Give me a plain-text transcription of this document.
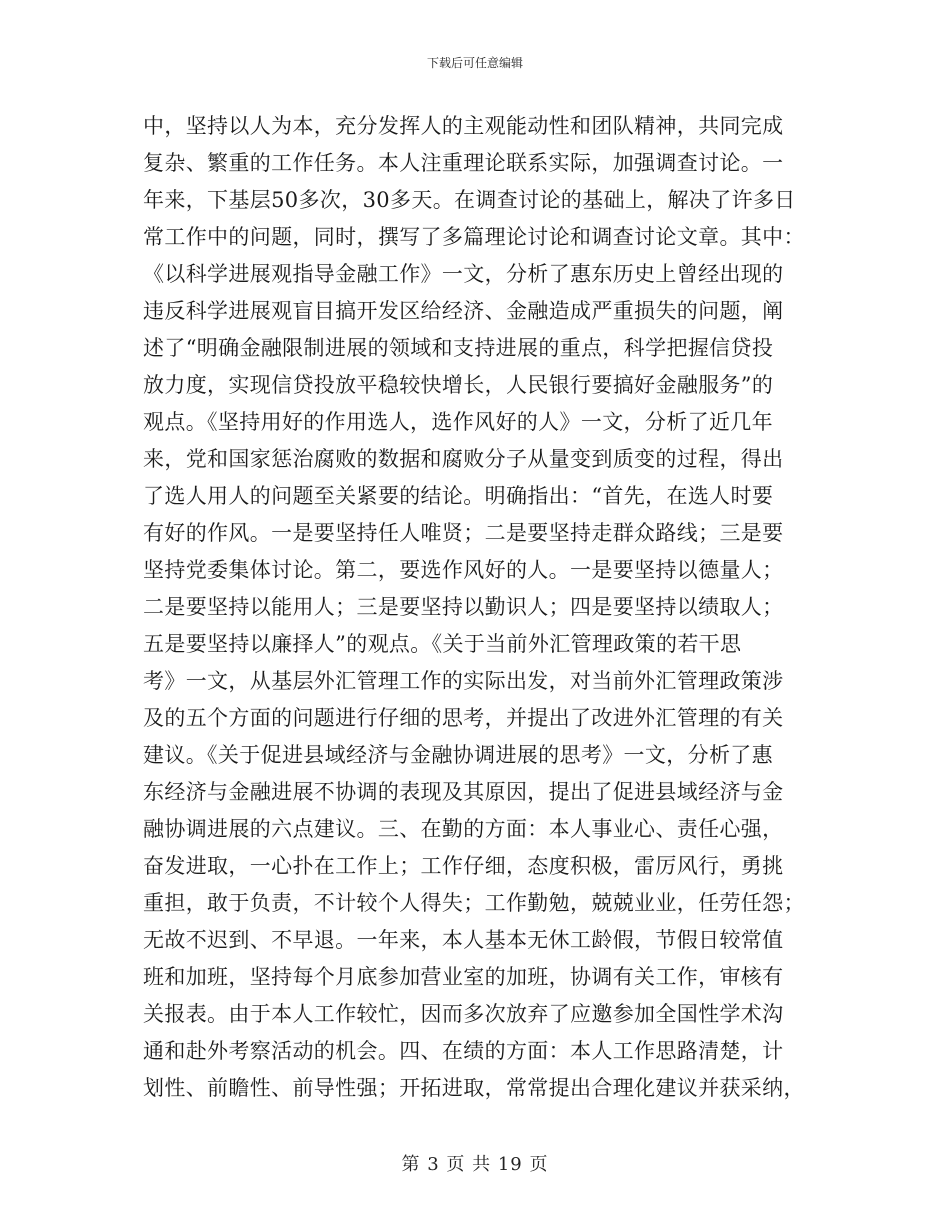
下载后可任意编辑
中，坚持以人为本，充分发挥人的主观能动性和团队精神，共同完成
复杂、繁重的工作任务。本人注重理论联系实际，加强调查讨论。一
年来，下基层50多次，30多天。在调查讨论的基础上，解决了许多日
常工作中的问题，同时，撰写了多篇理论讨论和调查讨论文章。其中：
《以科学进展观指导金融工作》一文，分析了惠东历史上曾经出现的
违反科学进展观盲目搞开发区给经济、金融造成严重损失的问题，阐
述了“明确金融限制进展的领域和支持进展的重点，科学把握信贷投
放力度，实现信贷投放平稳较快增长，人民银行要搞好金融服务”的
观点。《坚持用好的作用选人，选作风好的人》一文，分析了近几年
来，党和国家惩治腐败的数据和腐败分子从量变到质变的过程，得出
了选人用人的问题至关紧要的结论。明确指出：“首先，在选人时要
有好的作风。一是要坚持任人唯贤；二是要坚持走群众路线；三是要
坚持党委集体讨论。第二，要选作风好的人。一是要坚持以德量人；
二是要坚持以能用人；三是要坚持以勤识人；四是要坚持以绩取人；
五是要坚持以廉择人”的观点。《关于当前外汇管理政策的若干思
考》一文，从基层外汇管理工作的实际出发，对当前外汇管理政策涉
及的五个方面的问题进行仔细的思考，并提出了改进外汇管理的有关
建议。《关于促进县域经济与金融协调进展的思考》一文，分析了惠
东经济与金融进展不协调的表现及其原因，提出了促进县域经济与金
融协调进展的六点建议。三、在勤的方面：本人事业心、责任心强，
奋发进取，一心扑在工作上；工作仔细，态度积极，雷厉风行，勇挑
重担，敢于负责，不计较个人得失；工作勤勉，兢兢业业，任劳任怨；
无故不迟到、不早退。一年来，本人基本无休工龄假，节假日较常值
班和加班，坚持每个月底参加营业室的加班，协调有关工作，审核有
关报表。由于本人工作较忙，因而多次放弃了应邀参加全国性学术沟
通和赴外考察活动的机会。四、在绩的方面：本人工作思路清楚，计
划性、前瞻性、前导性强；开拓进取，常常提出合理化建议并获采纳，
第 3 页 共 19 页
